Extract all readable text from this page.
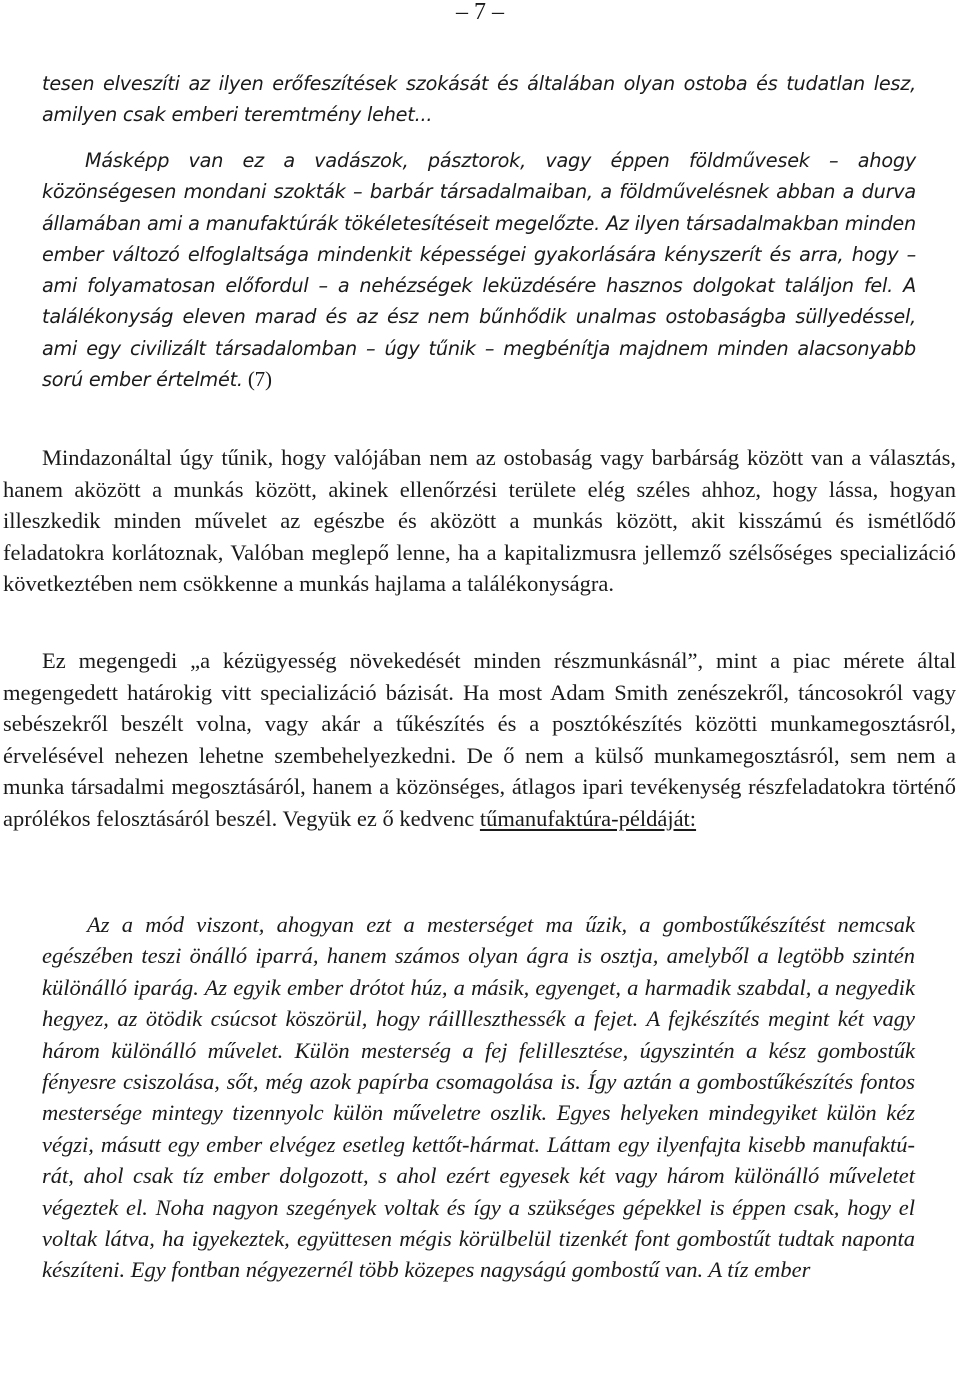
– 7 –

tesen elveszíti az ilyen erőfeszítések szokását és általában olyan ostoba és tudatlan lesz, amilyen csak emberi teremtmény lehet...

Másképp van ez a vadászok, pásztorok, vagy éppen földművesek – ahogy közönségesen mondani szokták – barbár társadalmaiban, a földművelésnek abban a durva államában ami a manufaktúrák tökéletesítéseit megelőzte. Az ilyen társadalmakban minden ember változó elfoglaltsága mindenkit képességei gyakorlására kényszerít és arra, hogy – ami folyamatosan előfordul – a nehézségek leküzdésére hasznos dolgokat találjon fel. A találékonyság eleven marad és az ész nem bűnhődik unalmas ostobaságba süllyedéssel, ami egy civilizált társadalomban – úgy tűnik – megbénítja majdnem minden alacsonyabb sorú ember értelmét. (7)

Mindazonáltal úgy tűnik, hogy valójában nem az ostobaság vagy barbárság között van a választás, hanem aközött a munkás között, akinek ellenőrzési területe elég széles ahhoz, hogy lássa, hogyan illeszkedik minden művelet az egészbe és aközött a munkás között, akit kisszámú és ismétlődő feladatokra korlátoznak, Valóban meglepő lenne, ha a kapitalizmusra jellemző szélsőséges specializáció következtében nem csökkenne a munkás hajlama a találékonyságra.

Ez megengedi „a kézügyesség növekedését minden részmunkásnál”, mint a piac mérete által megengedett határokig vitt specializáció bázisát. Ha most Adam Smith zenészekről, táncosokról vagy sebészekről beszélt volna, vagy akár a tűkészítés és a posztókészítés közötti munkamegosztásról, érvelésével nehezen lehetne szembehelyezkedni. De ő nem a külső munkamegosztásról, sem nem a munka társadalmi megosztásáról, hanem a közönséges, átlagos ipari tevékenység részfeladatokra történő aprólékos felosztásáról beszél. Vegyük ez ő kedvenc tűmanufaktúra-példáját:

Az a mód viszont, ahogyan ezt a mesterséget ma űzik, a gombostűkészítést nemcsak egészében teszi önálló iparrá, hanem számos olyan ágra is osztja, amelyből a legtöbb szintén különálló iparág. Az egyik ember drótot húz, a másik, egyenget, a harmadik szabdal, a negyedik hegyez, az ötödik csúcsot köszörül, hogy ráillleszthessék a fejet. A fejkészítés megint két vagy három különálló művelet. Külön mesterség a fej felillesztése, úgyszintén a kész gombostűk fényesre csiszolása, sőt, még azok papírba csomagolása is. Így aztán a gombostűkészítés fontos mestersége mintegy tizennyolc külön műveletre oszlik. Egyes helyeken mindegyiket külön kéz végzi, másutt egy ember elvégez esetleg kettőt-hármat. Láttam egy ilyenfajta kisebb manufaktú-rát, ahol csak tíz ember dolgozott, s ahol ezért egyesek két vagy három különálló műveletet végeztek el. Noha nagyon szegények voltak és így a szükséges gépekkel is éppen csak, hogy el voltak látva, ha igyekeztek, együttesen mégis körülbelül tizenkét font gombostűt tudtak naponta készíteni. Egy fontban négyezernél több közepes nagyságú gombostű van. A tíz ember
